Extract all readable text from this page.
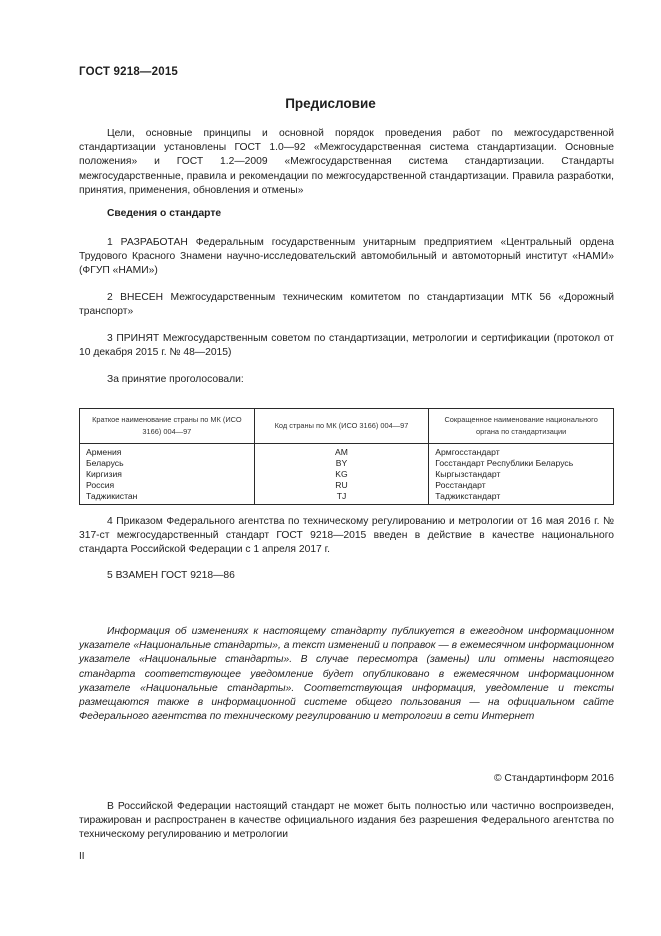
ГОСТ 9218—2015
Предисловие

Цели, основные принципы и основной порядок проведения работ по межгосударственной стандартизации установлены ГОСТ 1.0—92 «Межгосударственная система стандартизации. Основные положения» и ГОСТ 1.2—2009 «Межгосударственная система стандартизации. Стандарты межгосударственные, правила и рекомендации по межгосударственной стандартизации. Правила разработки, принятия, применения, обновления и отмены»

Сведения о стандарте

1 РАЗРАБОТАН Федеральным государственным унитарным предприятием «Центральный ордена Трудового Красного Знамени научно-исследовательский автомобильный и автомоторный институт «НАМИ» (ФГУП «НАМИ»)

2 ВНЕСЕН Межгосударственным техническим комитетом по стандартизации МТК 56 «Дорожный транспорт»

3 ПРИНЯТ Межгосударственным советом по стандартизации, метрологии и сертификации (протокол от 10 декабря 2015 г. № 48—2015)

За принятие проголосовали:
Краткое наименование страны по МК (ИСО 3166) 004—97	Код страны по МК (ИСО 3166) 004—97	Сокращенное наименование национального органа по стандартизации
Армения	AM	Армгосстандарт
Беларусь	BY	Госстандарт Республики Беларусь
Киргизия	KG	Кыргызстандарт
Россия	RU	Росстандарт
Таджикистан	TJ	Таджикстандарт

4 Приказом Федерального агентства по техническому регулированию и метрологии от 16 мая 2016 г. № 317-ст межгосударственный стандарт ГОСТ 9218—2015 введен в действие в качестве национального стандарта Российской Федерации с 1 апреля 2017 г.

5 ВЗАМЕН ГОСТ 9218—86

Информация об изменениях к настоящему стандарту публикуется в ежегодном информационном указателе «Национальные стандарты», а текст изменений и поправок — в ежемесячном информационном указателе «Национальные стандарты». В случае пересмотра (замены) или отмены настоящего стандарта соответствующее уведомление будет опубликовано в ежемесячном информационном указателе «Национальные стандарты». Соответствующая информация, уведомление и тексты размещаются также в информационной системе общего пользования — на официальном сайте Федерального агентства по техническому регулированию и метрологии в сети Интернет

© Стандартинформ 2016

В Российской Федерации настоящий стандарт не может быть полностью или частично воспроизведен, тиражирован и распространен в качестве официального издания без разрешения Федерального агентства по техническому регулированию и метрологии

II
